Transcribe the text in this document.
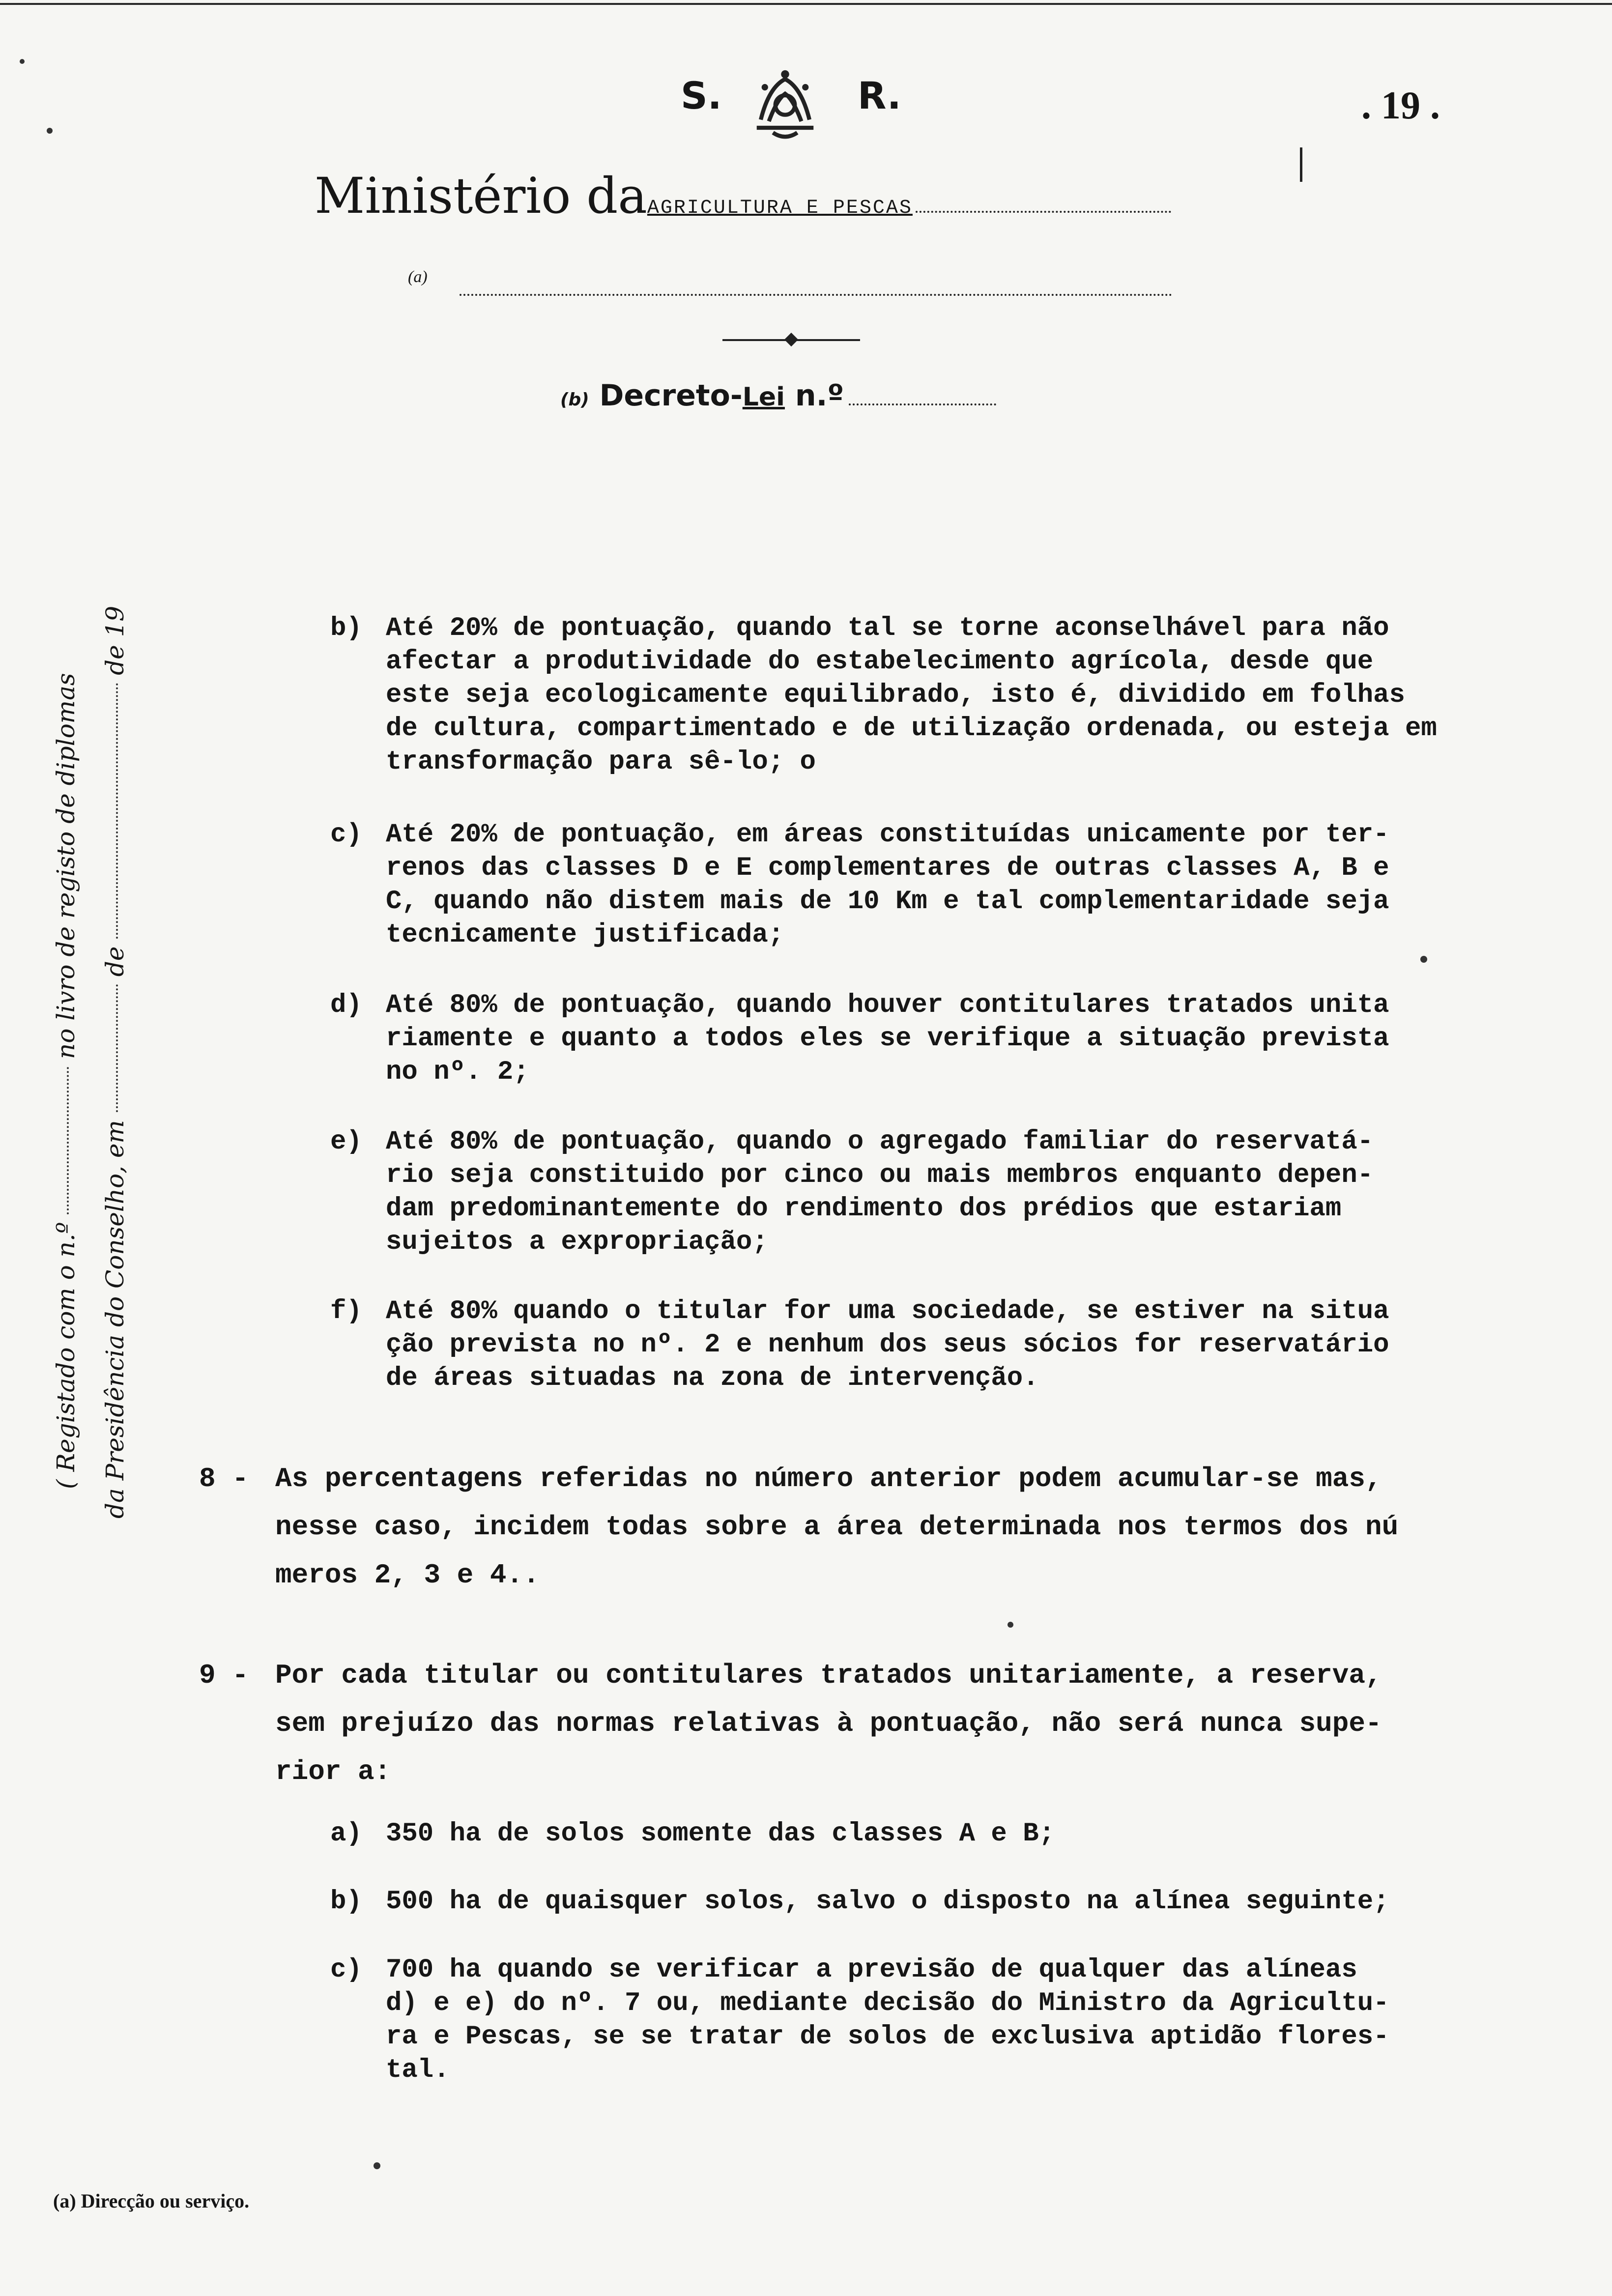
S.	R.	. 19 .
Ministério daAGRICULTURA E PESCAS
(a)
(b) Decreto-Lei n.º
( Registado com o n.º  no livro de registo de diplomas
da Presidência do Conselho, em  de  de 19	b) Até 20% de pontuação, quando tal se torne aconselhável para não
afectar a produtividade do estabelecimento agrícola, desde que
este seja ecologicamente equilibrado, isto é, dividido em folhas
de cultura, compartimentado e de utilização ordenada, ou esteja em
transformação para sê-lo; o
c) Até 20% de pontuação, em áreas constituídas unicamente por ter-
renos das classes D e E complementares de outras classes A, B e
C, quando não distem mais de 10 Km e tal complementaridade seja
tecnicamente justificada;
d) Até 80% de pontuação, quando houver contitulares tratados unita
riamente e quanto a todos eles se verifique a situação prevista
no nº. 2;
e) Até 80% de pontuação, quando o agregado familiar do reservatá-
rio seja constituido por cinco ou mais membros enquanto depen-
dam predominantemente do rendimento dos prédios que estariam
sujeitos a expropriação;
f) Até 80% quando o titular for uma sociedade, se estiver na situa
ção prevista no nº. 2 e nenhum dos seus sócios for reservatário
de áreas situadas na zona de intervenção.
8 - As percentagens referidas no número anterior podem acumular-se mas,
nesse caso, incidem todas sobre a área determinada nos termos dos nú
meros 2, 3 e 4..
9 - Por cada titular ou contitulares tratados unitariamente, a reserva,
sem prejuízo das normas relativas à pontuação, não será nunca supe-
rior a:
a) 350 ha de solos somente das classes A e B;
b) 500 ha de quaisquer solos, salvo o disposto na alínea seguinte;
c) 700 ha quando se verificar a previsão de qualquer das alíneas
d) e e) do nº. 7 ou, mediante decisão do Ministro da Agricultu-
ra e Pescas, se se tratar de solos de exclusiva aptidão flores-
tal.
(a) Direcção ou serviço.
